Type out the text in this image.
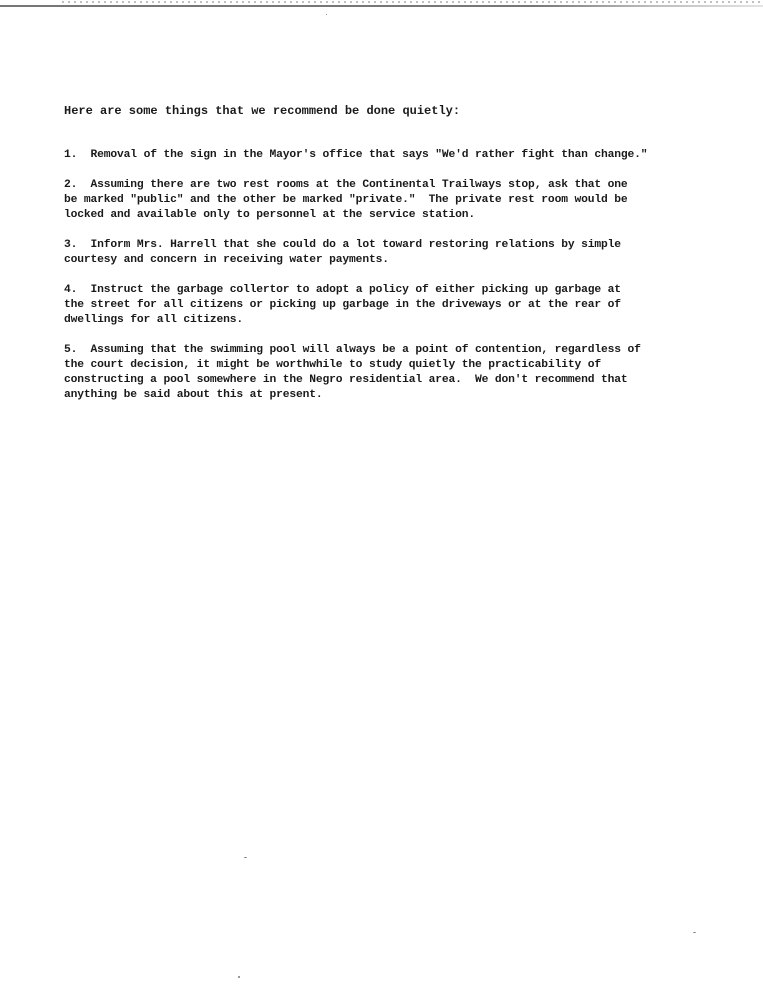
Here are some things that we recommend be done quietly:
1. Removal of the sign in the Mayor's office that says "We'd rather fight than change."
2. Assuming there are two rest rooms at the Continental Trailways stop, ask that one
be marked "public" and the other be marked "private."  The private rest room would be
locked and available only to personnel at the service station.
3. Inform Mrs. Harrell that she could do a lot toward restoring relations by simple
courtesy and concern in receiving water payments.
4. Instruct the garbage collertor to adopt a policy of either picking up garbage at
the street for all citizens or picking up garbage in the driveways or at the rear of
dwellings for all citizens.
5. Assuming that the swimming pool will always be a point of contention, regardless of
the court decision, it might be worthwhile to study quietly the practicability of
constructing a pool somewhere in the Negro residential area.  We don't recommend that
anything be said about this at present.
